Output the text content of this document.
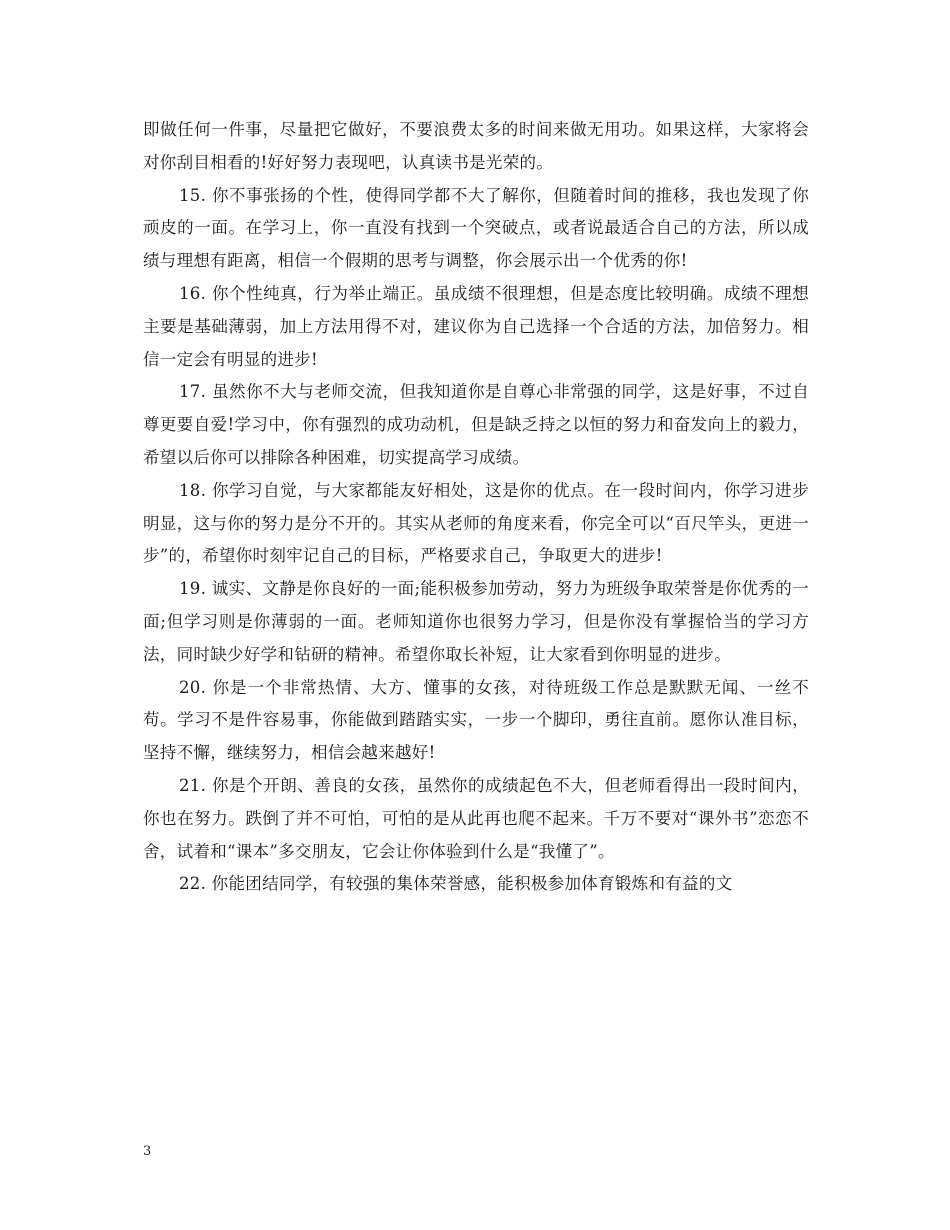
即做任何一件事，尽量把它做好，不要浪费太多的时间来做无用功。如果这样，大家将会对你刮目相看的!好好努力表现吧，认真读书是光荣的。

15. 你不事张扬的个性，使得同学都不大了解你，但随着时间的推移，我也发现了你顽皮的一面。在学习上，你一直没有找到一个突破点，或者说最适合自己的方法，所以成绩与理想有距离，相信一个假期的思考与调整，你会展示出一个优秀的你!

16. 你个性纯真，行为举止端正。虽成绩不很理想，但是态度比较明确。成绩不理想主要是基础薄弱，加上方法用得不对，建议你为自己选择一个合适的方法，加倍努力。相信一定会有明显的进步!

17. 虽然你不大与老师交流，但我知道你是自尊心非常强的同学，这是好事，不过自尊更要自爱!学习中，你有强烈的成功动机，但是缺乏持之以恒的努力和奋发向上的毅力，希望以后你可以排除各种困难，切实提高学习成绩。

18. 你学习自觉，与大家都能友好相处，这是你的优点。在一段时间内，你学习进步明显，这与你的努力是分不开的。其实从老师的角度来看，你完全可以“百尺竿头，更进一步”的，希望你时刻牢记自己的目标，严格要求自己，争取更大的进步!

19. 诚实、文静是你良好的一面;能积极参加劳动，努力为班级争取荣誉是你优秀的一面;但学习则是你薄弱的一面。老师知道你也很努力学习，但是你没有掌握恰当的学习方法，同时缺少好学和钻研的精神。希望你取长补短，让大家看到你明显的进步。

20. 你是一个非常热情、大方、懂事的女孩，对待班级工作总是默默无闻、一丝不苟。学习不是件容易事，你能做到踏踏实实，一步一个脚印，勇往直前。愿你认准目标，坚持不懈，继续努力，相信会越来越好!

21. 你是个开朗、善良的女孩，虽然你的成绩起色不大，但老师看得出一段时间内，你也在努力。跌倒了并不可怕，可怕的是从此再也爬不起来。千万不要对“课外书”恋恋不舍，试着和“课本”多交朋友，它会让你体验到什么是“我懂了”。

22. 你能团结同学，有较强的集体荣誉感，能积极参加体育锻炼和有益的文

3
